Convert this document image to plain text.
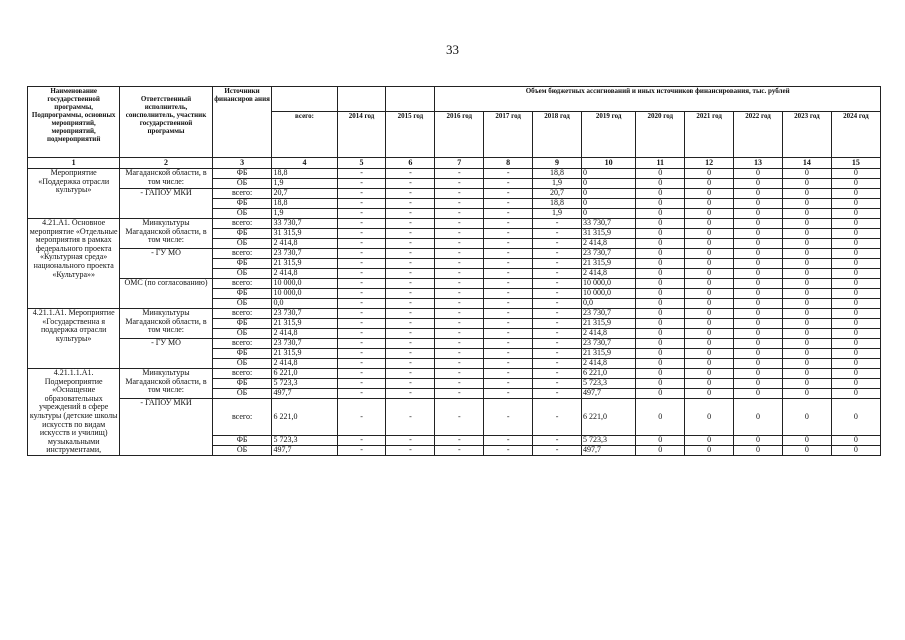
33
Наименование государственной программы, Подпрограммы, основных мероприятий, мероприятий, подмероприятий	Ответственный исполнитель, соисполнитель, участник государственной программы	Источники финансиров ания				Объем бюджетных ассигнований и иных источников финансирования, тыс. рублей								
			всего:	2014 год	2015 год	2016 год	2017 год	2018 год	2019 год	2020 год	2021 год	2022 год	2023 год	2024 год
1	2	3	4	5	6	7	8	9	10	11	12	13	14	15
Мероприятие «Поддержка отрасли культуры»	Магаданской области, в том числе:	ФБ	18,8	-	-	-	-	18,8	0	0	0	0	0	0
		ОБ	1,9	-	-	-	-	1,9	0	0	0	0	0	0
	- ГАПОУ МКИ	всего:	20,7	-	-	-	-	20,7	0	0	0	0	0	0
		ФБ	18,8	-	-	-	-	18,8	0	0	0	0	0	0
		ОБ	1,9	-	-	-	-	1,9	0	0	0	0	0	0
4.21.А1. Основное мероприятие «Отдельные мероприятия в рамках федерального проекта «Культурная среда» национального проекта «Культура»»	Минкультуры Магаданской области, в том числе:	всего:	33 730,7	-	-	-	-	-	33 730,7	0	0	0	0	0
		ФБ	31 315,9	-	-	-	-	-	31 315,9	0	0	0	0	0
		ОБ	2 414,8	-	-	-	-	-	2 414,8	0	0	0	0	0
	- ГУ МО	всего:	23 730,7	-	-	-	-	-	23 730,7	0	0	0	0	0
		ФБ	21 315,9	-	-	-	-	-	21 315,9	0	0	0	0	0
		ОБ	2 414,8	-	-	-	-	-	2 414,8	0	0	0	0	0
	ОМС (по согласованию)	всего:	10 000,0	-	-	-	-	-	10 000,0	0	0	0	0	0
		ФБ	10 000,0	-	-	-	-	-	10 000,0	0	0	0	0	0
		ОБ	0,0	-	-	-	-	-	0,0	0	0	0	0	0
4.21.1.А1. Мероприятие «Государственна я поддержка отрасли культуры»	Минкультуры Магаданской области, в том числе:	всего:	23 730,7	-	-	-	-	-	23 730,7	0	0	0	0	0
		ФБ	21 315,9	-	-	-	-	-	21 315,9	0	0	0	0	0
		ОБ	2 414,8	-	-	-	-	-	2 414,8	0	0	0	0	0
	- ГУ МО	всего:	23 730,7	-	-	-	-	-	23 730,7	0	0	0	0	0
		ФБ	21 315,9	-	-	-	-	-	21 315,9	0	0	0	0	0
		ОБ	2 414,8	-	-	-	-	-	2 414,8	0	0	0	0	0
4.21.1.1.А1. Подмероприятие «Оснащение образовательных учреждений в сфере культуры (детские школы искусств по видам искусств и училищ) музыкальными инструментами,	Минкультуры Магаданской области, в том числе:	всего:	6 221,0	-	-	-	-	-	6 221,0	0	0	0	0	0
		ФБ	5 723,3	-	-	-	-	-	5 723,3	0	0	0	0	0
		ОБ	497,7	-	-	-	-	-	497,7	0	0	0	0	0
	- ГАПОУ МКИ	всего:	6 221,0	-	-	-	-	-	6 221,0	0	0	0	0	0
		ФБ	5 723,3	-	-	-	-	-	5 723,3	0	0	0	0	0
		ОБ	497,7	-	-	-	-	-	497,7	0	0	0	0	0
